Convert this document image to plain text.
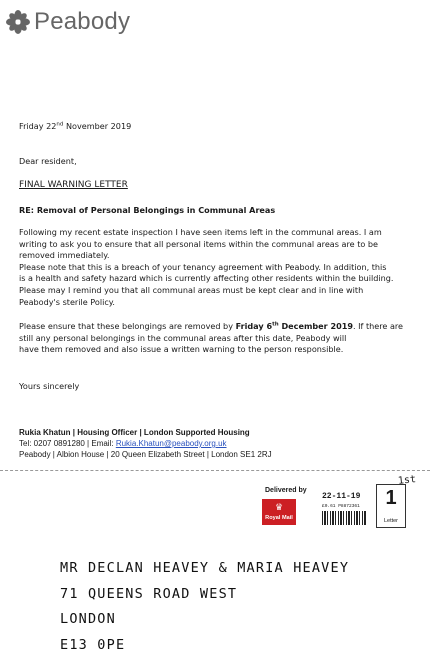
Peabody
Friday 22nd November 2019
Dear resident,
FINAL WARNING LETTER
RE: Removal of Personal Belongings in Communal Areas
Following my recent estate inspection I have seen items left in the communal areas. I am
writing to ask you to ensure that all personal items within the communal areas are to be
removed immediately.
Please note that this is a breach of your tenancy agreement with Peabody. In addition, this
is a health and safety hazard which is currently affecting other residents within the building.
Please may I remind you that all communal areas must be kept clear and in line with
Peabody's sterile Policy.
Please ensure that these belongings are removed by Friday 6th December 2019. If there are
still any personal belongings in the communal areas after this date, Peabody will
have them removed and also issue a written warning to the person responsible.
Yours sincerely
Rukia Khatun | Housing Officer | London Supported Housing
Tel: 0207 0891280 | Email: Rukia.Khatun@peabody.org.uk
Peabody | Albion House | 20 Queen Elizabeth Street | London SE1 2RJ
Delivered by
♛
Royal Mail
22-11-19
£0.61 P8872361	1
Letter
1st
MR DECLAN HEAVEY & MARIA HEAVEY
71 QUEENS ROAD WEST
LONDON
E13 0PE
